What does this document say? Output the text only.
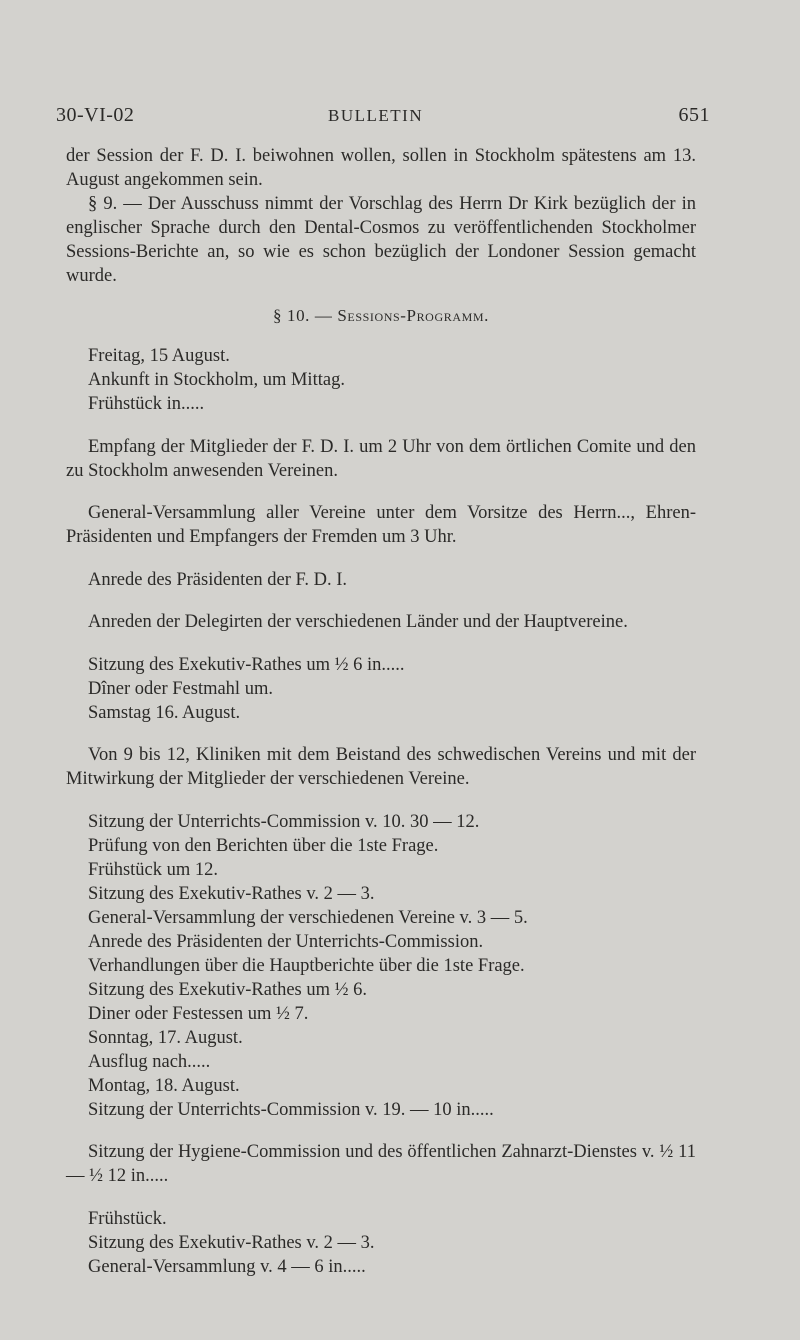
30-VI-02	BULLETIN	651

der Session der F. D. I. beiwohnen wollen, sollen in Stockholm spätestens am 13. August angekommen sein.

§ 9. — Der Ausschuss nimmt der Vorschlag des Herrn Dr Kirk bezüglich der in englischer Sprache durch den Dental-Cosmos zu veröffentlichenden Stockholmer Sessions-Berichte an, so wie es schon bezüglich der Londoner Session gemacht wurde.

§ 10. — Sessions-Programm.

Freitag, 15 August.

Ankunft in Stockholm, um Mittag.

Frühstück in.....

Empfang der Mitglieder der F. D. I. um 2 Uhr von dem örtlichen Comite und den zu Stockholm anwesenden Vereinen.

General-Versammlung aller Vereine unter dem Vorsitze des Herrn..., Ehren-Präsidenten und Empfangers der Fremden um 3 Uhr.

Anrede des Präsidenten der F. D. I.

Anreden der Delegirten der verschiedenen Länder und der Hauptvereine.

Sitzung des Exekutiv-Rathes um ½ 6 in.....

Dîner oder Festmahl um.

Samstag 16. August.

Von 9 bis 12, Kliniken mit dem Beistand des schwedischen Vereins und mit der Mitwirkung der Mitglieder der verschiedenen Vereine.

Sitzung der Unterrichts-Commission v. 10. 30 — 12.

Prüfung von den Berichten über die 1ste Frage.

Frühstück um 12.

Sitzung des Exekutiv-Rathes v. 2 — 3.

General-Versammlung der verschiedenen Vereine v. 3 — 5.

Anrede des Präsidenten der Unterrichts-Commission.

Verhandlungen über die Hauptberichte über die 1ste Frage.

Sitzung des Exekutiv-Rathes um ½ 6.

Diner oder Festessen um ½ 7.

Sonntag, 17. August.

Ausflug nach.....

Montag, 18. August.

Sitzung der Unterrichts-Commission v. 19. — 10 in.....

Sitzung der Hygiene-Commission und des öffentlichen Zahnarzt-Dienstes v. ½ 11 — ½ 12 in.....

Frühstück.

Sitzung des Exekutiv-Rathes v. 2 — 3.

General-Versammlung v. 4 — 6 in.....
